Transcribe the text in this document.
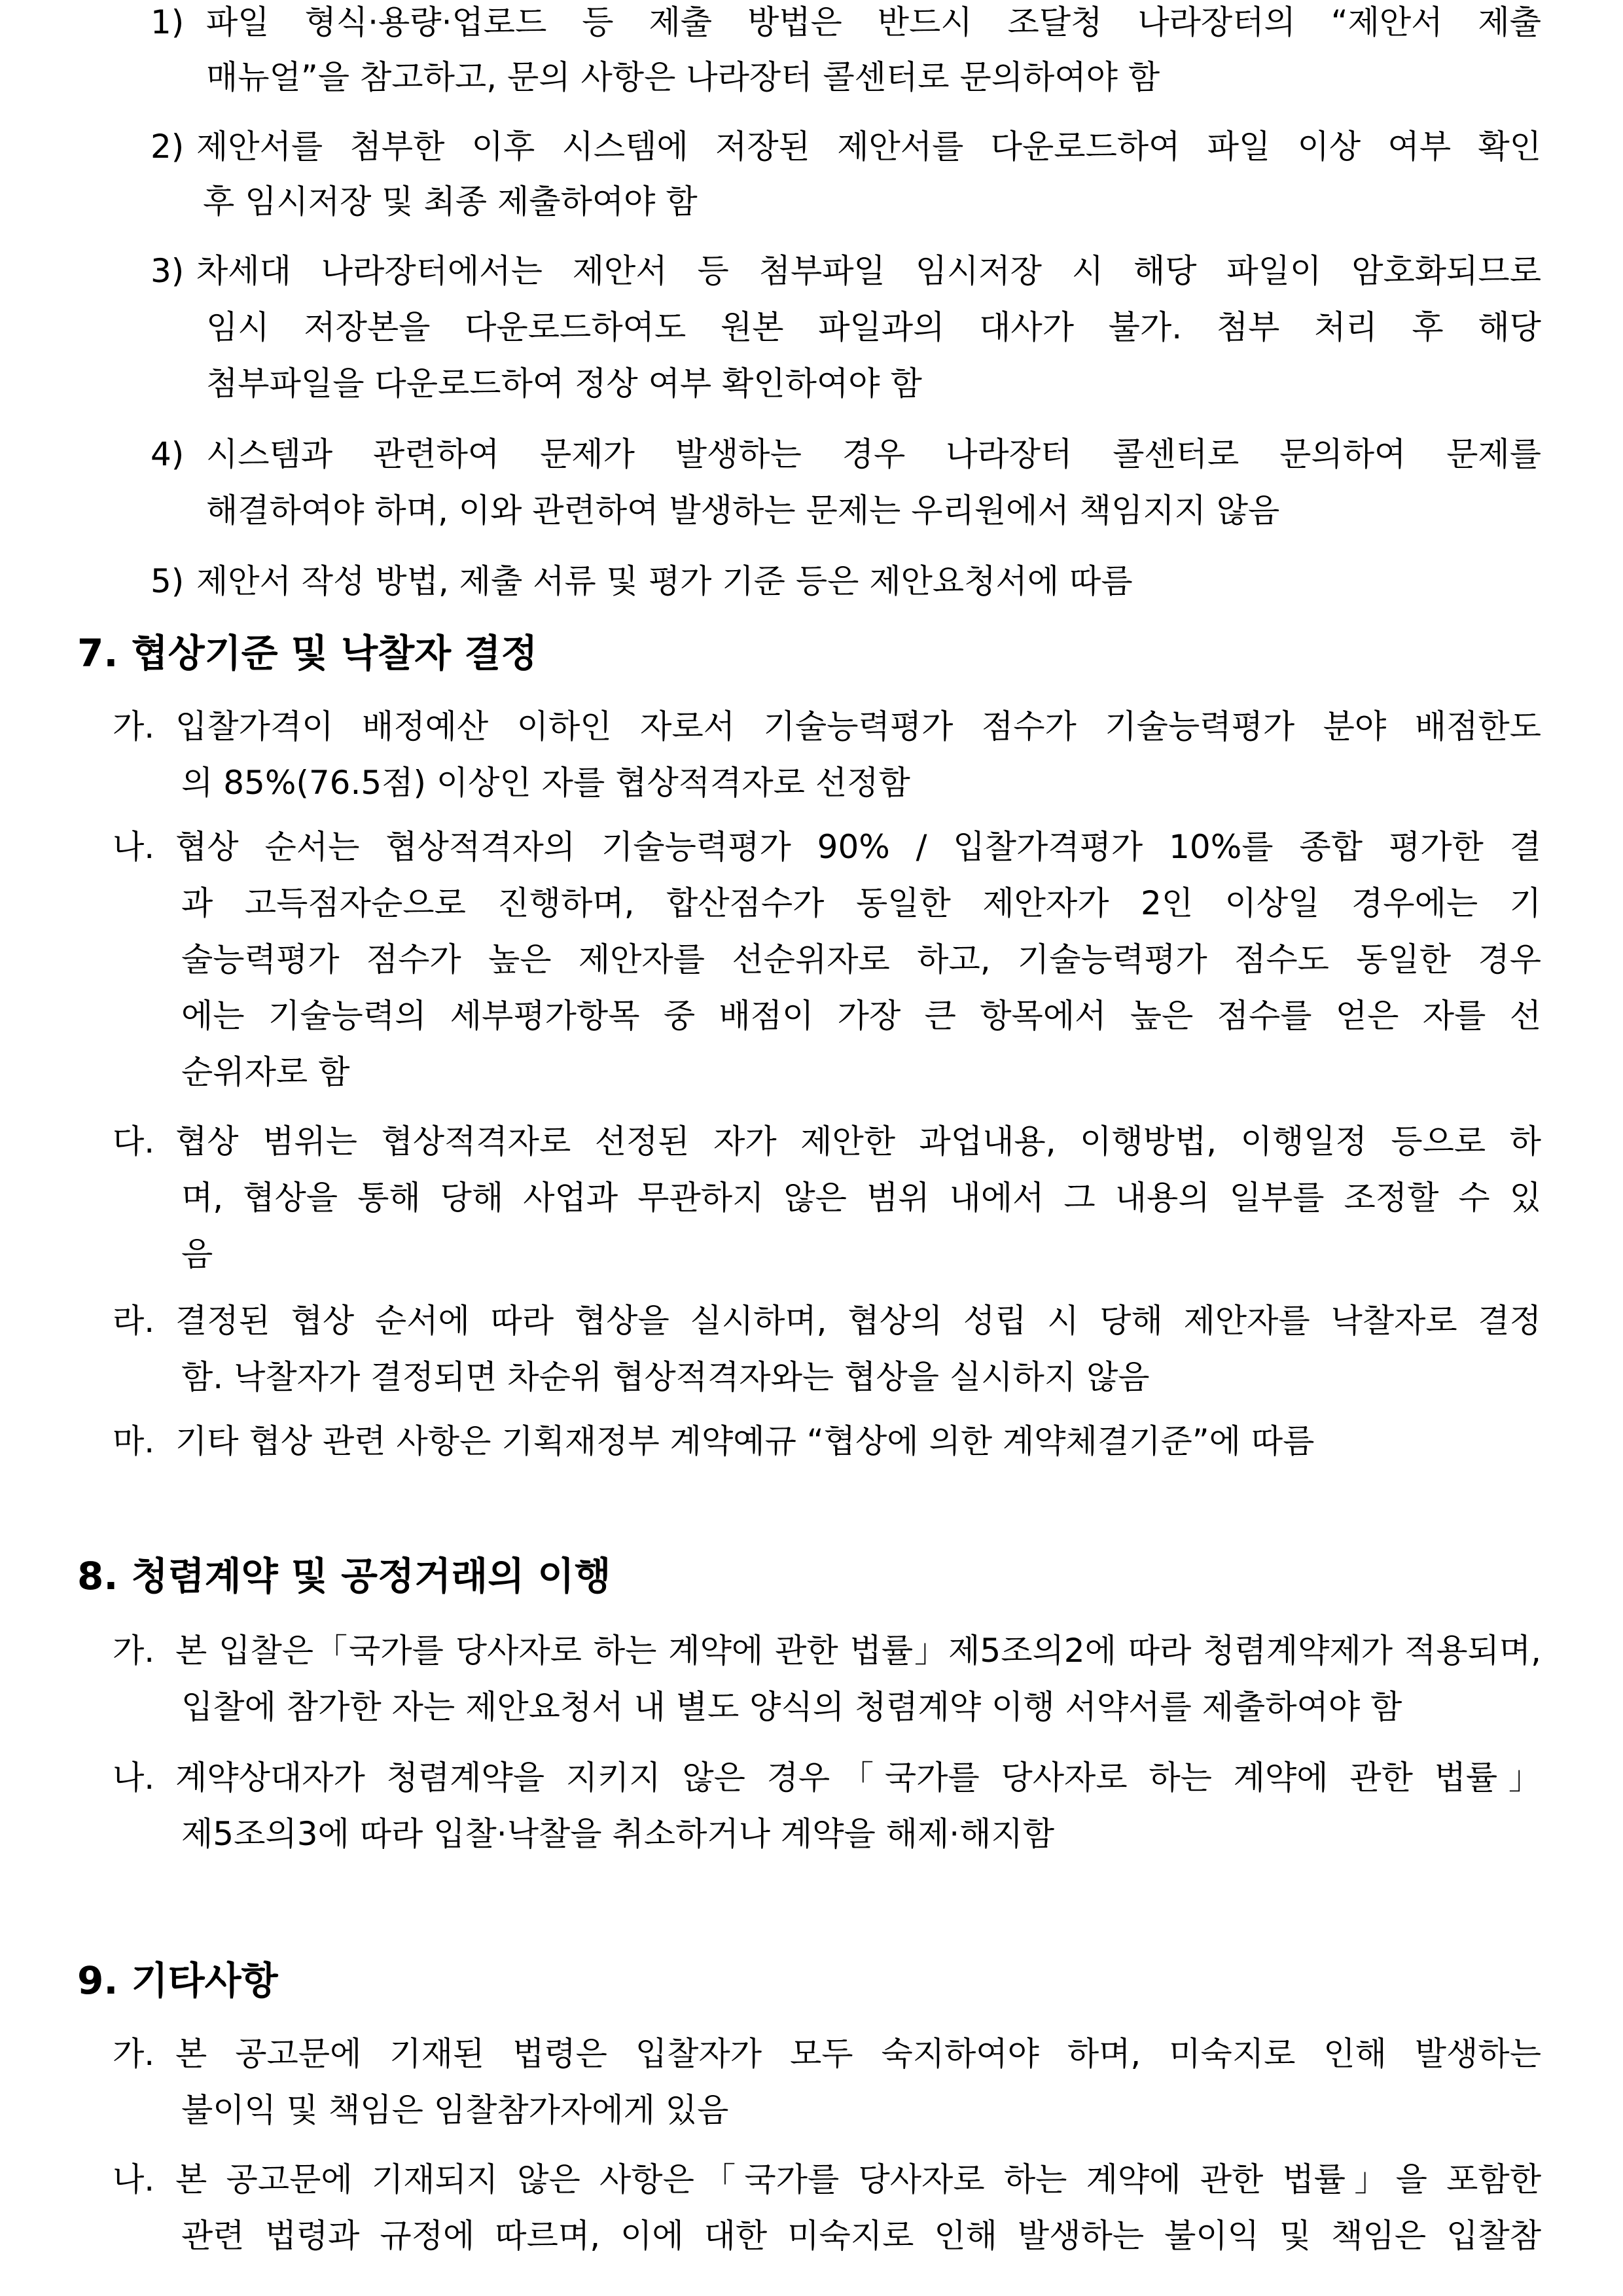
1) 파일 형식·용량·업로드 등 제출 방법은 반드시 조달청 나라장터의 “제안서 제출
매뉴얼”을 참고하고, 문의 사항은 나라장터 콜센터로 문의하여야 함
2) 제안서를 첨부한 이후 시스템에 저장된 제안서를 다운로드하여 파일 이상 여부 확인
후 임시저장 및 최종 제출하여야 함
3) 차세대 나라장터에서는 제안서 등 첨부파일 임시저장 시 해당 파일이 암호화되므로
임시 저장본을 다운로드하여도 원본 파일과의 대사가 불가. 첨부 처리 후 해당
첨부파일을 다운로드하여 정상 여부 확인하여야 함
4) 시스템과 관련하여 문제가 발생하는 경우 나라장터 콜센터로 문의하여 문제를
해결하여야 하며, 이와 관련하여 발생하는 문제는 우리원에서 책임지지 않음
5) 제안서 작성 방법, 제출 서류 및 평가 기준 등은 제안요청서에 따름
7. 협상기준 및 낙찰자 결정
가. 입찰가격이 배정예산 이하인 자로서 기술능력평가 점수가 기술능력평가 분야 배점한도
의 85%(76.5점) 이상인 자를 협상적격자로 선정함
나. 협상 순서는 협상적격자의 기술능력평가 90% / 입찰가격평가 10%를 종합 평가한 결
과 고득점자순으로 진행하며, 합산점수가 동일한 제안자가 2인 이상일 경우에는 기
술능력평가 점수가 높은 제안자를 선순위자로 하고, 기술능력평가 점수도 동일한 경우
에는 기술능력의 세부평가항목 중 배점이 가장 큰 항목에서 높은 점수를 얻은 자를 선
순위자로 함
다. 협상 범위는 협상적격자로 선정된 자가 제안한 과업내용, 이행방법, 이행일정 등으로 하
며, 협상을 통해 당해 사업과 무관하지 않은 범위 내에서 그 내용의 일부를 조정할 수 있
음
라. 결정된 협상 순서에 따라 협상을 실시하며, 협상의 성립 시 당해 제안자를 낙찰자로 결정
함. 낙찰자가 결정되면 차순위 협상적격자와는 협상을 실시하지 않음
마. 기타 협상 관련 사항은 기획재정부 계약예규 “협상에 의한 계약체결기준”에 따름
8. 청렴계약 및 공정거래의 이행
가. 본 입찰은「국가를 당사자로 하는 계약에 관한 법률」제5조의2에 따라 청렴계약제가 적용되며,
입찰에 참가한 자는 제안요청서 내 별도 양식의 청렴계약 이행 서약서를 제출하여야 함
나. 계약상대자가 청렴계약을 지키지 않은 경우「국가를 당사자로 하는 계약에 관한 법률」
제5조의3에 따라 입찰·낙찰을 취소하거나 계약을 해제·해지함
9. 기타사항
가. 본 공고문에 기재된 법령은 입찰자가 모두 숙지하여야 하며, 미숙지로 인해 발생하는
불이익 및 책임은 임찰참가자에게 있음
나. 본 공고문에 기재되지 않은 사항은「국가를 당사자로 하는 계약에 관한 법률」을 포함한
관련 법령과 규정에 따르며, 이에 대한 미숙지로 인해 발생하는 불이익 및 책임은 입찰참
